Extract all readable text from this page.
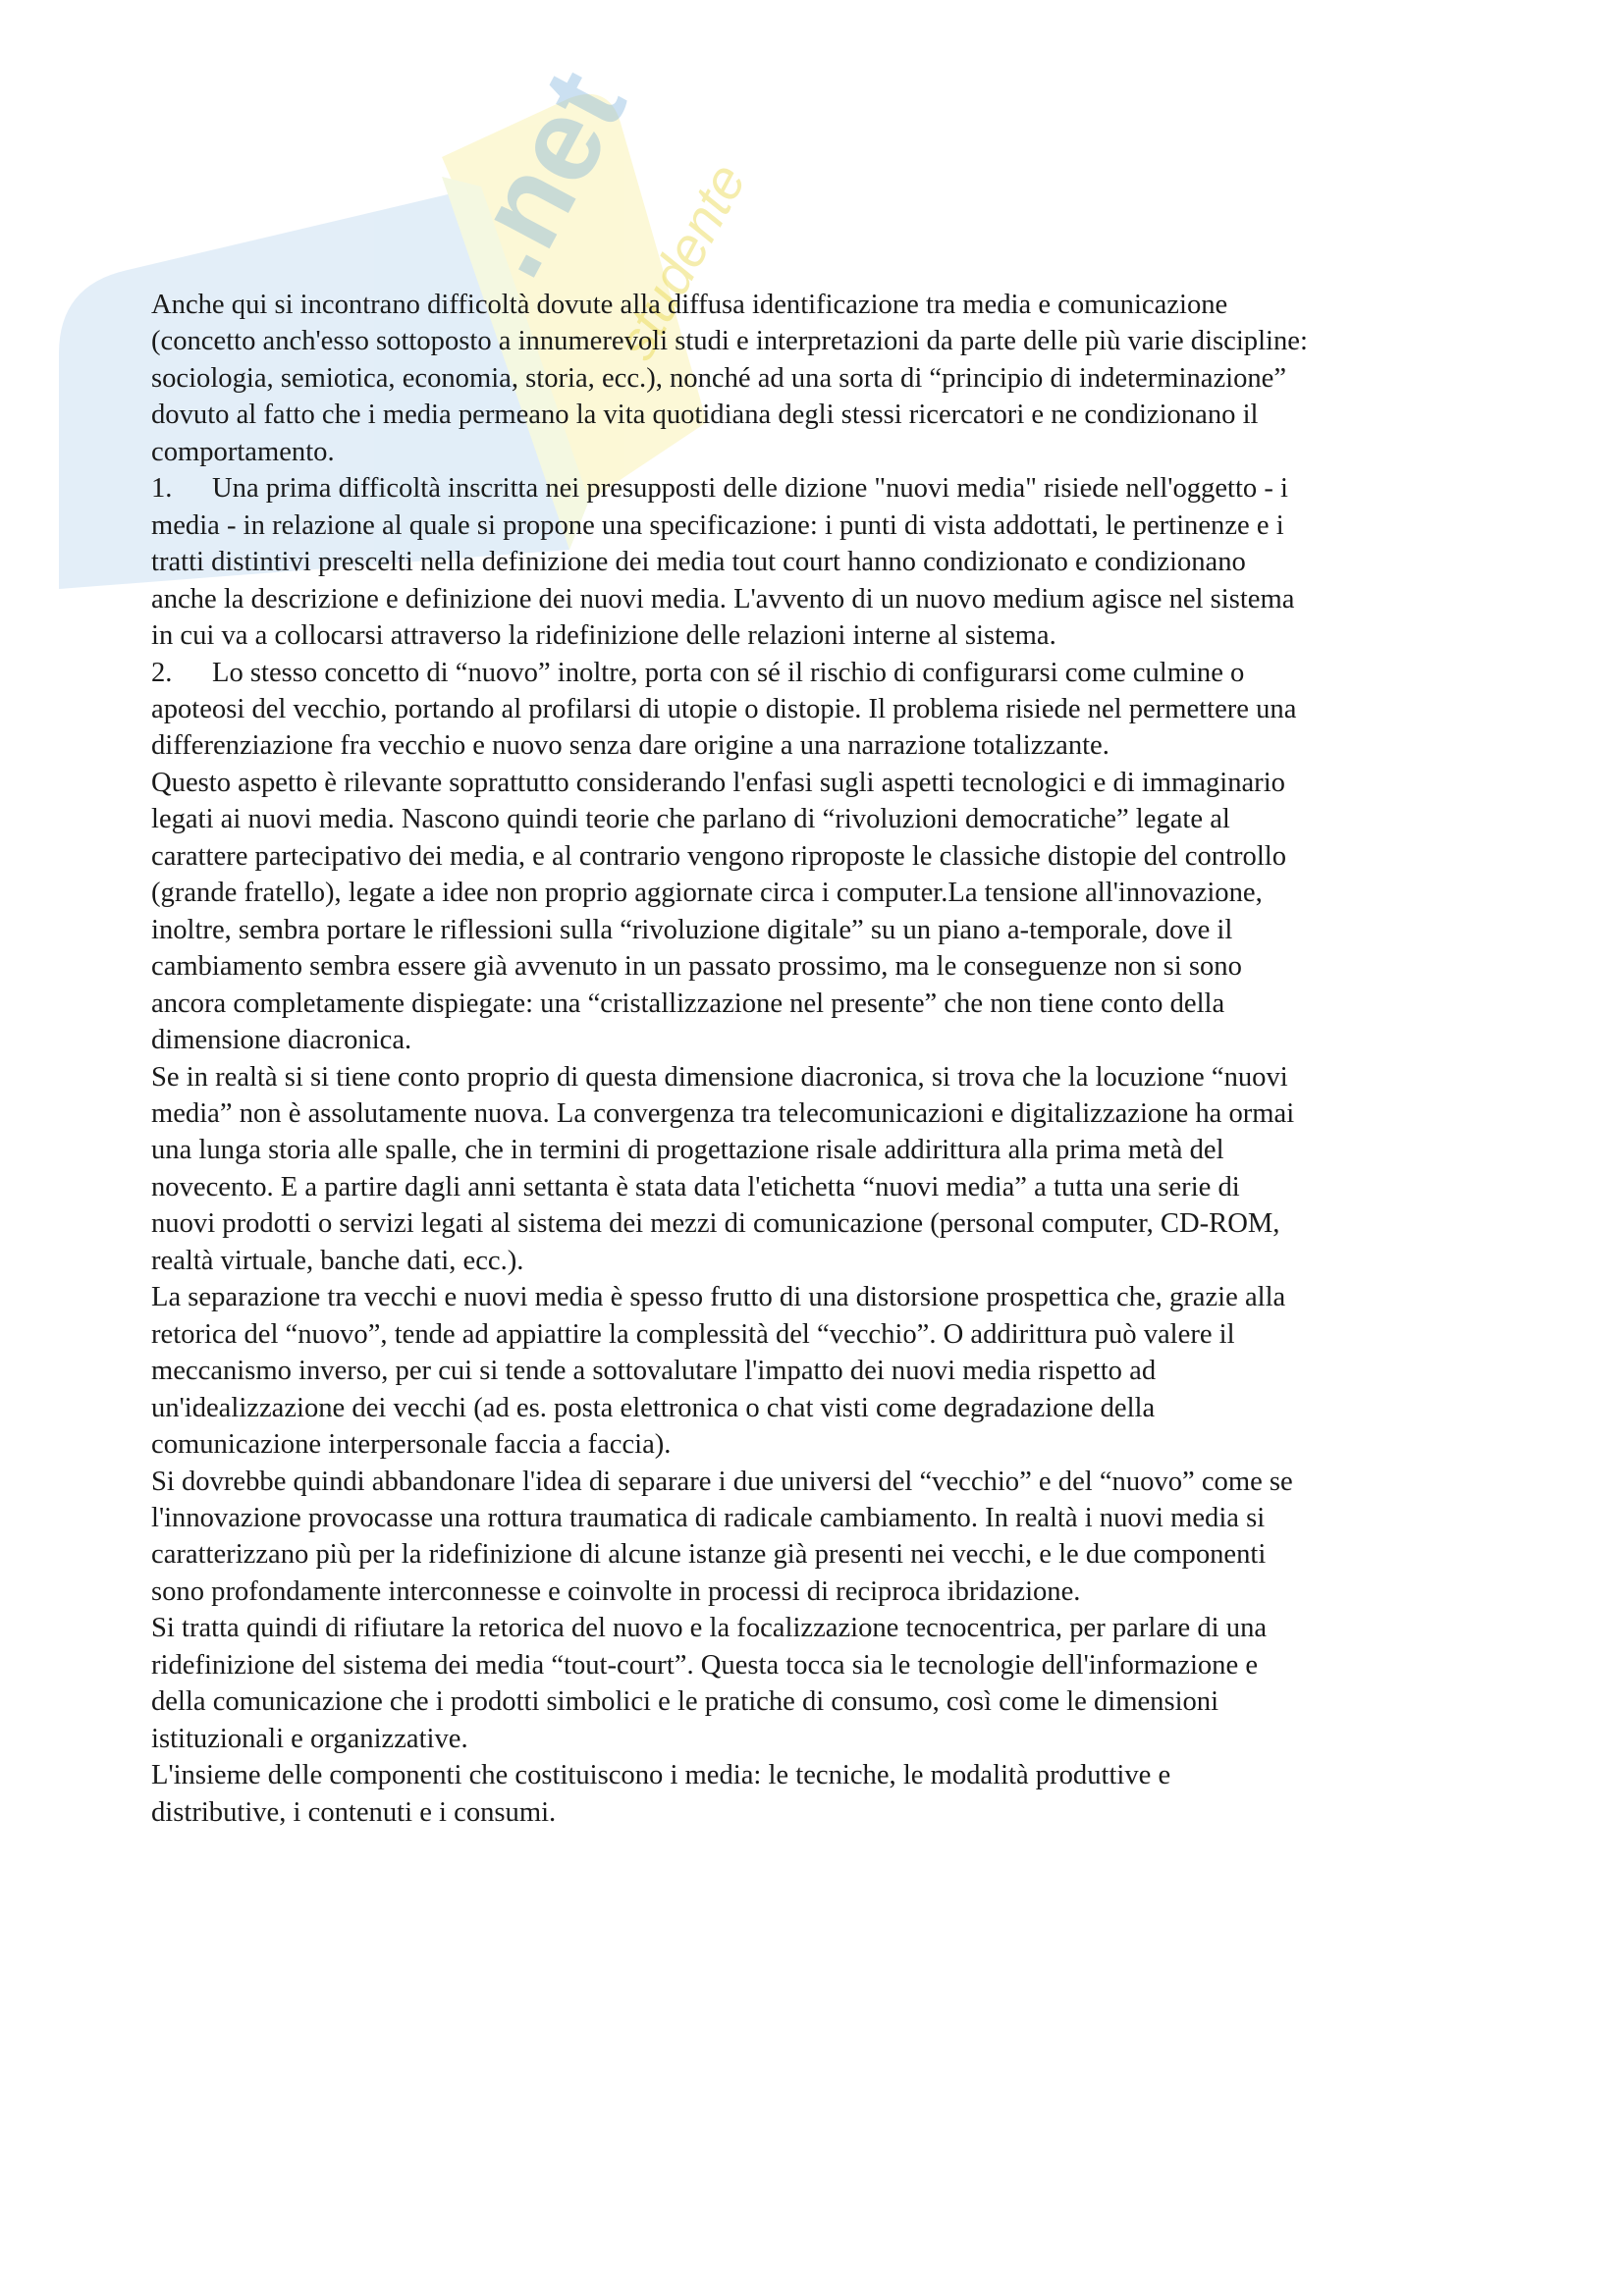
.net
studente

Anche qui si incontrano difficoltà dovute alla diffusa identificazione tra media e comunicazione (concetto anch'esso sottoposto a innumerevoli studi e interpretazioni da parte delle più varie discipline: sociologia, semiotica, economia, storia, ecc.), nonché ad una sorta di “principio di indeterminazione” dovuto al fatto che i media permeano la vita quotidiana degli stessi ricercatori e ne condizionano il comportamento.

1. Una prima difficoltà inscritta nei presupposti delle dizione "nuovi media" risiede nell'oggetto - i media - in relazione al quale si propone una specificazione: i punti di vista addottati, le pertinenze e i tratti distintivi prescelti nella definizione dei media tout court hanno condizionato e condizionano anche la descrizione e definizione dei nuovi media. L'avvento di un nuovo medium agisce nel sistema in cui va a collocarsi attraverso la ridefinizione delle relazioni interne al sistema.

2. Lo stesso concetto di “nuovo” inoltre, porta con sé il rischio di configurarsi come culmine o apoteosi del vecchio, portando al profilarsi di utopie o distopie. Il problema risiede nel permettere una differenziazione fra vecchio e nuovo senza dare origine a una narrazione totalizzante.

Questo aspetto è rilevante soprattutto considerando l'enfasi sugli aspetti tecnologici e di immaginario legati ai nuovi media. Nascono quindi teorie che parlano di “rivoluzioni democratiche” legate al carattere partecipativo dei media, e al contrario vengono riproposte le classiche distopie del controllo (grande fratello), legate a idee non proprio aggiornate circa i computer.La tensione all'innovazione, inoltre, sembra portare le riflessioni sulla “rivoluzione digitale” su un piano a-temporale, dove il cambiamento sembra essere già avvenuto in un passato prossimo, ma le conseguenze non si sono ancora completamente dispiegate: una “cristallizzazione nel presente” che non tiene conto della dimensione diacronica.

Se in realtà si si tiene conto proprio di questa dimensione diacronica, si trova che la locuzione “nuovi media” non è assolutamente nuova. La convergenza tra telecomunicazioni e digitalizzazione ha ormai una lunga storia alle spalle, che in termini di progettazione risale addirittura alla prima metà del novecento. E a partire dagli anni settanta è stata data l'etichetta “nuovi media” a tutta una serie di nuovi prodotti o servizi legati al sistema dei mezzi di comunicazione (personal computer, CD-ROM, realtà virtuale, banche dati, ecc.).

La separazione tra vecchi e nuovi media è spesso frutto di una distorsione prospettica che, grazie alla retorica del “nuovo”, tende ad appiattire la complessità del “vecchio”. O addirittura può valere il meccanismo inverso, per cui si tende a sottovalutare l'impatto dei nuovi media rispetto ad un'idealizzazione dei vecchi (ad es. posta elettronica o chat visti come degradazione della comunicazione interpersonale faccia a faccia).

Si dovrebbe quindi abbandonare l'idea di separare i due universi del “vecchio” e del “nuovo” come se l'innovazione provocasse una rottura traumatica di radicale cambiamento. In realtà i nuovi media si caratterizzano più per la ridefinizione di alcune istanze già presenti nei vecchi, e le due componenti sono profondamente interconnesse e coinvolte in processi di reciproca ibridazione.

Si tratta quindi di rifiutare la retorica del nuovo e la focalizzazione tecnocentrica, per parlare di una ridefinizione del sistema dei media “tout-court”. Questa tocca sia le tecnologie dell'informazione e della comunicazione che i prodotti simbolici e le pratiche di consumo, così come le dimensioni istituzionali e organizzative.

L'insieme delle componenti che costituiscono i media: le tecniche, le modalità produttive e distributive, i contenuti e i consumi.
